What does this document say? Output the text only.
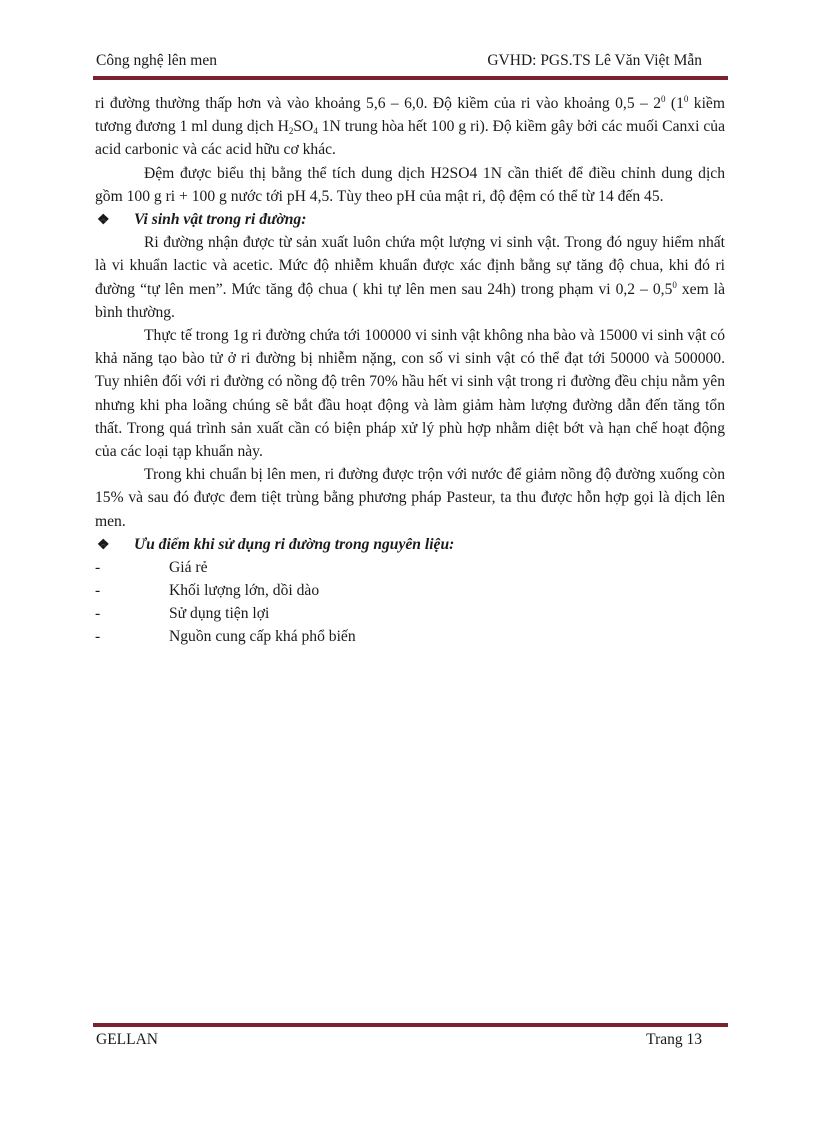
Công nghệ lên men	GVHD: PGS.TS Lê Văn Việt Mẫn

ri đường thường thấp hơn và vào khoảng 5,6 – 6,0. Độ kiềm của ri vào khoảng $0,5 - 2^0$ ($1^0$ kiềm tương đương 1 ml dung dịch $H_2SO_4$ 1N trung hòa hết 100 g ri). Độ kiềm gây bởi các muối Canxi của acid carbonic và các acid hữu cơ khác.

Đệm được biểu thị bằng thể tích dung dịch H2SO4 1N cần thiết để điều chỉnh dung dịch gồm 100 g ri + 100 g nước tới pH 4,5. Tùy theo pH của mật ri, độ đệm có thể từ 14 đến 45.

❖	Vi sinh vật trong ri đường:

Ri đường nhận được từ sản xuất luôn chứa một lượng vi sinh vật. Trong đó nguy hiểm nhất là vi khuẩn lactic và acetic. Mức độ nhiễm khuẩn được xác định bằng sự tăng độ chua, khi đó ri đường “tự lên men”. Mức tăng độ chua ( khi tự lên men sau 24h) trong phạm vi $0,2 - 0,5^0$ xem là bình thường.

Thực tế trong 1g ri đường chứa tới 100000 vi sinh vật không nha bào và 15000 vi sinh vật có khả năng tạo bào tử ở ri đường bị nhiễm nặng, con số vi sinh vật có thể đạt tới 50000 và 500000. Tuy nhiên đối với ri đường có nồng độ trên 70% hầu hết vi sinh vật trong ri đường đều chịu nằm yên nhưng khi pha loãng chúng sẽ bắt đầu hoạt động và làm giảm hàm lượng đường dẫn đến tăng tổn thất. Trong quá trình sản xuất cần có biện pháp xử lý phù hợp nhằm diệt bớt và hạn chế hoạt động của các loại tạp khuẩn này.

Trong khi chuẩn bị lên men, ri đường được trộn với nước để giảm nồng độ đường xuống còn 15% và sau đó được đem tiệt trùng bằng phương pháp Pasteur, ta thu được hỗn hợp gọi là dịch lên men.

❖	Ưu điểm khi sử dụng ri đường trong nguyên liệu:
-	Giá rẻ
-	Khối lượng lớn, dồi dào
-	Sử dụng tiện lợi
-	Nguồn cung cấp khá phổ biến
GELLAN	Trang 13
